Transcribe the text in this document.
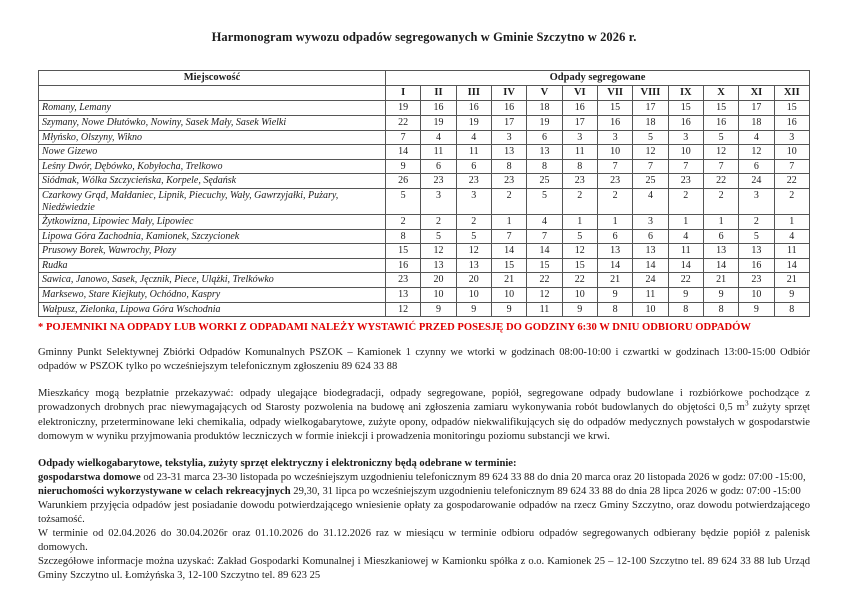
Harmonogram wywozu odpadów segregowanych w Gminie Szczytno w 2026 r.
Miejscowość	Odpady segregowane											
	I	II	III	IV	V	VI	VII	VIII	IX	X	XI	XII
Romany, Lemany	19	16	16	16	18	16	15	17	15	15	17	15
Szymany, Nowe Dłutówko, Nowiny, Sasek Mały, Sasek Wielki	22	19	19	17	19	17	16	18	16	16	18	16
Młyńsko, Olszyny, Wikno	7	4	4	3	6	3	3	5	3	5	4	3
Nowe Gizewo	14	11	11	13	13	11	10	12	10	12	12	10
Leśny Dwór, Dębówko, Kobyłocha, Trelkowo	9	6	6	8	8	8	7	7	7	7	6	7
Siódmak, Wólka Szczycieńska, Korpele, Sędańsk	26	23	23	23	25	23	23	25	23	22	24	22
Czarkowy Grąd, Małdaniec, Lipnik, Piecuchy, Wały, Gawrzyjałki, Pużary, Niedźwiedzie	5	3	3	2	5	2	2	4	2	2	3	2
Żytkowizna, Lipowiec Mały, Lipowiec	2	2	2	1	4	1	1	3	1	1	2	1
Lipowa Góra Zachodnia, Kamionek, Szczycionek	8	5	5	7	7	5	6	6	4	6	5	4
Prusowy Borek, Wawrochy, Płozy	15	12	12	14	14	12	13	13	11	13	13	11
Rudka	16	13	13	15	15	15	14	14	14	14	16	14
Sawica, Janowo, Sasek, Jęcznik, Piece, Ulążki, Trelkówko	23	20	20	21	22	22	21	24	22	21	23	21
Marksewo, Stare Kiejkuty, Ochódno, Kaspry	13	10	10	10	12	10	9	11	9	9	10	9
Wałpusz, Zielonka, Lipowa Góra Wschodnia	12	9	9	9	11	9	8	10	8	8	9	8
* POJEMNIKI NA ODPADY LUB WORKI Z ODPADAMI NALEŻY WYSTAWIĆ PRZED POSESJĘ DO GODZINY 6:30 W DNIU ODBIORU ODPADÓW

Gminny Punkt Selektywnej Zbiórki Odpadów Komunalnych PSZOK – Kamionek 1 czynny we wtorki w godzinach 08:00-10:00 i czwartki w godzinach 13:00-15:00 Odbiór odpadów w PSZOK tylko po wcześniejszym telefonicznym zgłoszeniu 89 624 33 88

Mieszkańcy mogą bezpłatnie przekazywać: odpady ulegające biodegradacji, odpady segregowane, popiół, segregowane odpady budowlane i rozbiórkowe pochodzące z prowadzonych drobnych prac niewymagających od Starosty pozwolenia na budowę ani zgłoszenia zamiaru wykonywania robót budowlanych do objętości 0,5 $m^3$ zużyty sprzęt elektroniczny, przeterminowane leki chemikalia, odpady wielkogabarytowe, zużyte opony, odpadów niekwalifikujących się do odpadów medycznych powstałych w gospodarstwie domowym w wyniku przyjmowania produktów leczniczych w formie iniekcji i prowadzenia monitoringu poziomu substancji we krwi.

Odpady wielkogabarytowe, tekstylia, zużyty sprzęt elektryczny i elektroniczny będą odebrane w terminie:
gospodarstwa domowe od 23-31 marca 23-30 listopada po wcześniejszym uzgodnieniu telefonicznym 89 624 33 88 do dnia 20 marca oraz 20 listopada 2026 w godz: 07:00 -15:00,
nieruchomości wykorzystywane w celach rekreacyjnych 29,30, 31 lipca po wcześniejszym uzgodnieniu telefonicznym 89 624 33 88 do dnia 28 lipca 2026 w godz: 07:00 -15:00
Warunkiem przyjęcia odpadów jest posiadanie dowodu potwierdzającego wniesienie opłaty za gospodarowanie odpadów na rzecz Gminy Szczytno, oraz dowodu potwierdzającego tożsamość.
W terminie od 02.04.2026 do 30.04.2026r oraz 01.10.2026 do 31.12.2026 raz w miesiącu w terminie odbioru odpadów segregowanych odbierany będzie popiół z palenisk domowych.
Szczegółowe informacje można uzyskać: Zakład Gospodarki Komunalnej i Mieszkaniowej w Kamionku spółka z o.o. Kamionek 25 – 12-100 Szczytno tel. 89 624 33 88 lub Urząd Gminy Szczytno ul. Łomżyńska 3, 12-100 Szczytno tel. 89 623 25
